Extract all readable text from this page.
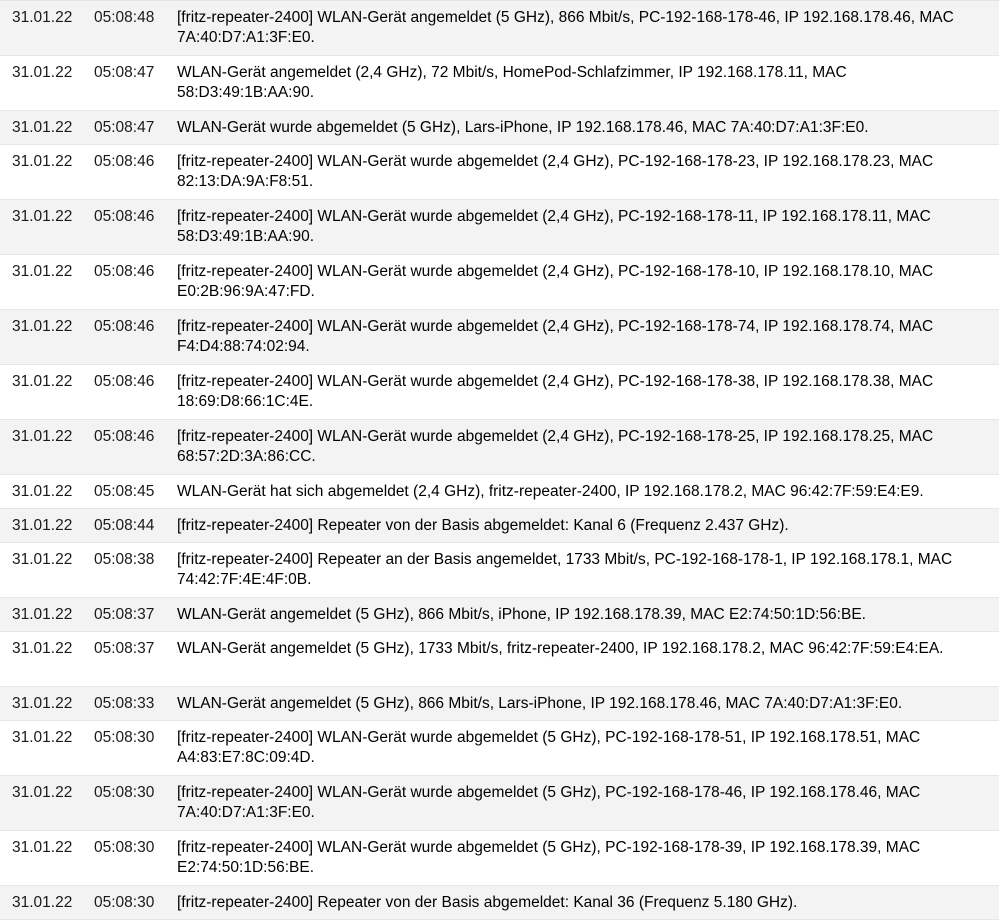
31.01.22	05:08:48	[fritz-repeater-2400] WLAN-Gerät angemeldet (5 GHz), 866 Mbit/s, PC-192-168-178-46, IP 192.168.178.46, MAC 7A:40:D7:A1:3F:E0.
31.01.22	05:08:47	WLAN-Gerät angemeldet (2,4 GHz), 72 Mbit/s, HomePod-Schlafzimmer, IP 192.168.178.11, MAC 58:D3:49:1B:AA:90.
31.01.22	05:08:47	WLAN-Gerät wurde abgemeldet (5 GHz), Lars-iPhone, IP 192.168.178.46, MAC 7A:40:D7:A1:3F:E0.
31.01.22	05:08:46	[fritz-repeater-2400] WLAN-Gerät wurde abgemeldet (2,4 GHz), PC-192-168-178-23, IP 192.168.178.23, MAC 82:13:DA:9A:F8:51.
31.01.22	05:08:46	[fritz-repeater-2400] WLAN-Gerät wurde abgemeldet (2,4 GHz), PC-192-168-178-11, IP 192.168.178.11, MAC 58:D3:49:1B:AA:90.
31.01.22	05:08:46	[fritz-repeater-2400] WLAN-Gerät wurde abgemeldet (2,4 GHz), PC-192-168-178-10, IP 192.168.178.10, MAC E0:2B:96:9A:47:FD.
31.01.22	05:08:46	[fritz-repeater-2400] WLAN-Gerät wurde abgemeldet (2,4 GHz), PC-192-168-178-74, IP 192.168.178.74, MAC F4:D4:88:74:02:94.
31.01.22	05:08:46	[fritz-repeater-2400] WLAN-Gerät wurde abgemeldet (2,4 GHz), PC-192-168-178-38, IP 192.168.178.38, MAC 18:69:D8:66:1C:4E.
31.01.22	05:08:46	[fritz-repeater-2400] WLAN-Gerät wurde abgemeldet (2,4 GHz), PC-192-168-178-25, IP 192.168.178.25, MAC 68:57:2D:3A:86:CC.
31.01.22	05:08:45	WLAN-Gerät hat sich abgemeldet (2,4 GHz), fritz-repeater-2400, IP 192.168.178.2, MAC 96:42:7F:59:E4:E9.
31.01.22	05:08:44	[fritz-repeater-2400] Repeater von der Basis abgemeldet: Kanal 6 (Frequenz 2.437 GHz).
31.01.22	05:08:38	[fritz-repeater-2400] Repeater an der Basis angemeldet, 1733 Mbit/s, PC-192-168-178-1, IP 192.168.178.1, MAC 74:42:7F:4E:4F:0B.
31.01.22	05:08:37	WLAN-Gerät angemeldet (5 GHz), 866 Mbit/s, iPhone, IP 192.168.178.39, MAC E2:74:50:1D:56:BE.
31.01.22	05:08:37	WLAN-Gerät angemeldet (5 GHz), 1733 Mbit/s, fritz-repeater-2400, IP 192.168.178.2, MAC 96:42:7F:59:E4:EA.
31.01.22	05:08:33	WLAN-Gerät angemeldet (5 GHz), 866 Mbit/s, Lars-iPhone, IP 192.168.178.46, MAC 7A:40:D7:A1:3F:E0.
31.01.22	05:08:30	[fritz-repeater-2400] WLAN-Gerät wurde abgemeldet (5 GHz), PC-192-168-178-51, IP 192.168.178.51, MAC A4:83:E7:8C:09:4D.
31.01.22	05:08:30	[fritz-repeater-2400] WLAN-Gerät wurde abgemeldet (5 GHz), PC-192-168-178-46, IP 192.168.178.46, MAC 7A:40:D7:A1:3F:E0.
31.01.22	05:08:30	[fritz-repeater-2400] WLAN-Gerät wurde abgemeldet (5 GHz), PC-192-168-178-39, IP 192.168.178.39, MAC E2:74:50:1D:56:BE.
31.01.22	05:08:30	[fritz-repeater-2400] Repeater von der Basis abgemeldet: Kanal 36 (Frequenz 5.180 GHz).
